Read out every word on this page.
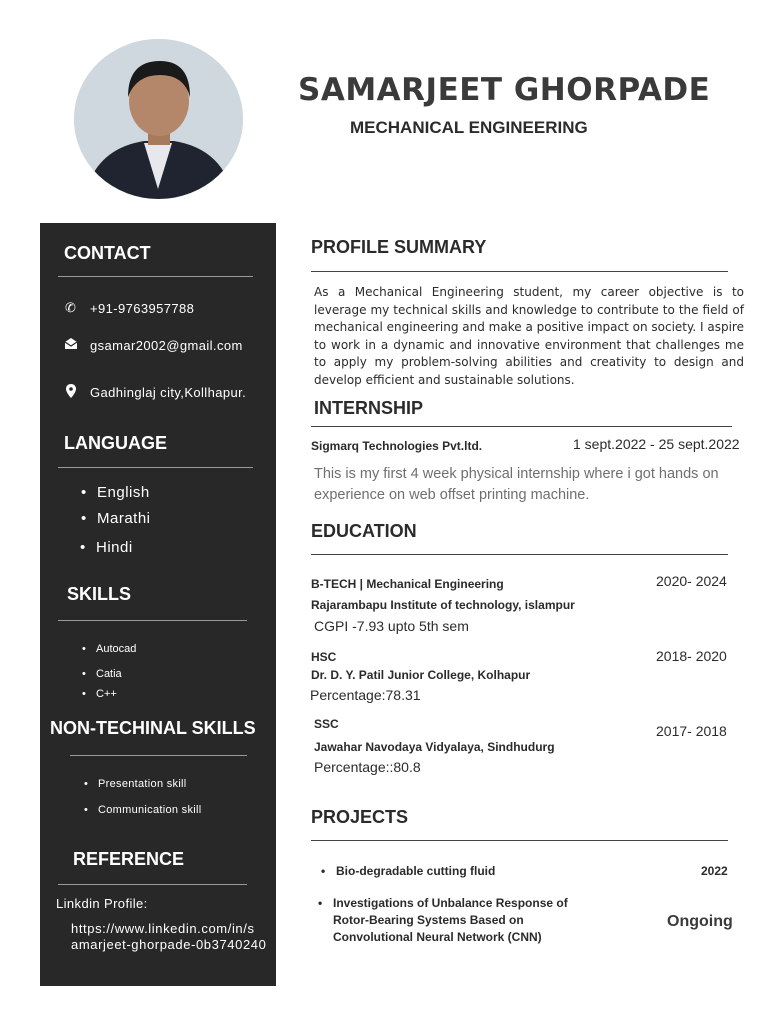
SAMARJEET GHORPADE
MECHANICAL ENGINEERING
CONTACT
✆ +91-9763957788
gsamar2002@gmail.com
Gadhinglaj city,Kollhapur.
LANGUAGE
• English
• Marathi
• Hindi
SKILLS
• Autocad
• Catia
• C++
NON-TECHINAL SKILLS
• Presentation skill
• Communication skill
REFERENCE
Linkdin Profile:
https://www.linkedin.com/in/s
amarjeet-ghorpade-0b3740240
PROFILE SUMMARY
As a Mechanical Engineering student, my career objective is to leverage my technical skills and knowledge to contribute to the field of mechanical engineering and make a positive impact on society. I aspire to work in a dynamic and innovative environment that challenges me to apply my problem-solving abilities and creativity to design and develop efficient and sustainable solutions.
INTERNSHIP
Sigmarq Technologies Pvt.ltd.	1 sept.2022 - 25 sept.2022
This is my first 4 week physical internship where i got hands on experience on web offset printing machine.
EDUCATION
B-TECH | Mechanical Engineering	2020- 2024
Rajarambapu Institute of technology, islampur
CGPI -7.93 upto 5th sem
HSC	2018- 2020
Dr. D. Y. Patil Junior College, Kolhapur
Percentage:78.31
SSC	2017- 2018
Jawahar Navodaya Vidyalaya, Sindhudurg
Percentage::80.8
PROJECTS
• Bio-degradable cutting fluid	2022
• Investigations of Unbalance Response of
Rotor-Bearing Systems Based on
Convolutional Neural Network (CNN)
Ongoing
